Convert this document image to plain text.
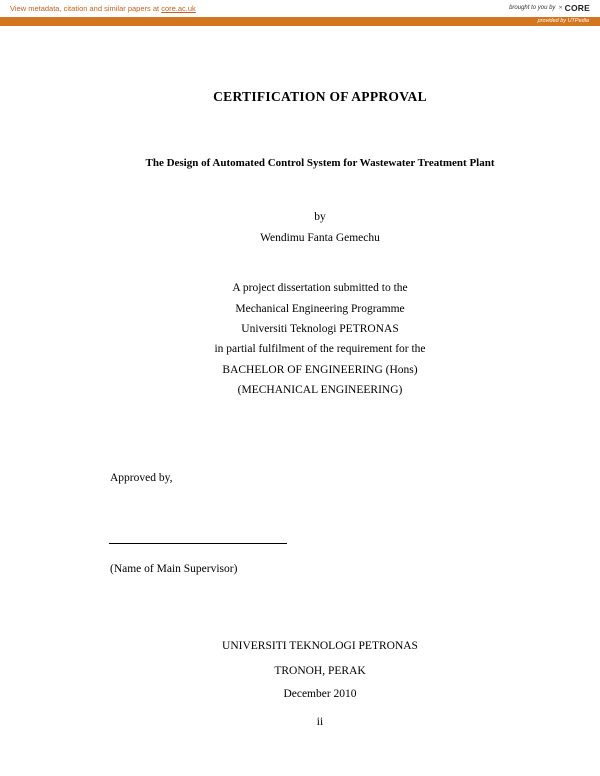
View metadata, citation and similar papers at core.ac.uk	brought to you by ✕ CORE
provided by UTPedia
CERTIFICATION OF APPROVAL
The Design of Automated Control System for Wastewater Treatment Plant
by
Wendimu Fanta Gemechu
A project dissertation submitted to the
Mechanical Engineering Programme
Universiti Teknologi PETRONAS
in partial fulfilment of the requirement for the
BACHELOR OF ENGINEERING (Hons)
(MECHANICAL ENGINEERING)
Approved by,
(Name of Main Supervisor)
UNIVERSITI TEKNOLOGI PETRONAS
TRONOH, PERAK
December 2010
ii
